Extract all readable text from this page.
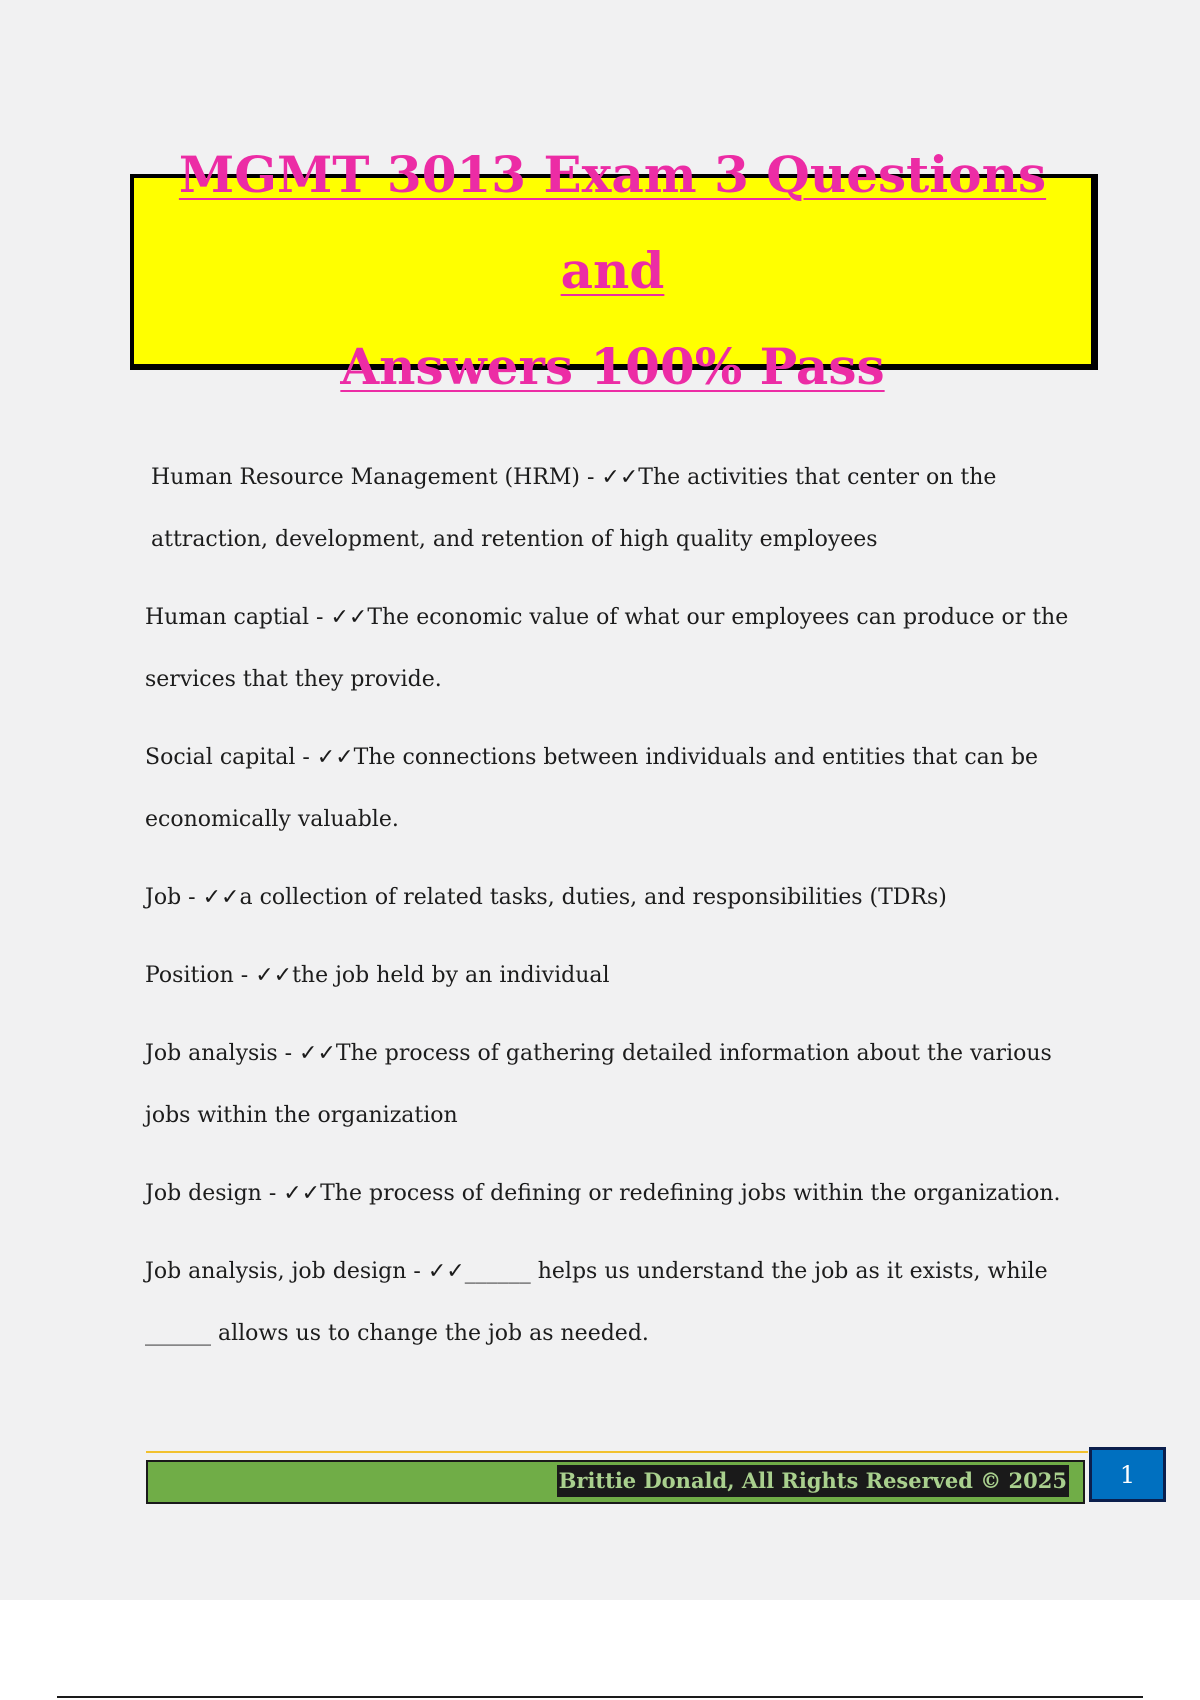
MGMT 3013 Exam 3 Questions and
Answers 100% Pass

Human Resource Management (HRM) - ✓✓The activities that center on the attraction, development, and retention of high quality employees

Human captial - ✓✓The economic value of what our employees can produce or the services that they provide.

Social capital - ✓✓The connections between individuals and entities that can be economically valuable.

Job - ✓✓a collection of related tasks, duties, and responsibilities (TDRs)

Position - ✓✓the job held by an individual

Job analysis - ✓✓The process of gathering detailed information about the various jobs within the organization

Job design - ✓✓The process of defining or redefining jobs within the organization.

Job analysis, job design - ✓✓______ helps us understand the job as it exists, while ______ allows us to change the job as needed.

Brittie Donald, All Rights Reserved © 2025 1
